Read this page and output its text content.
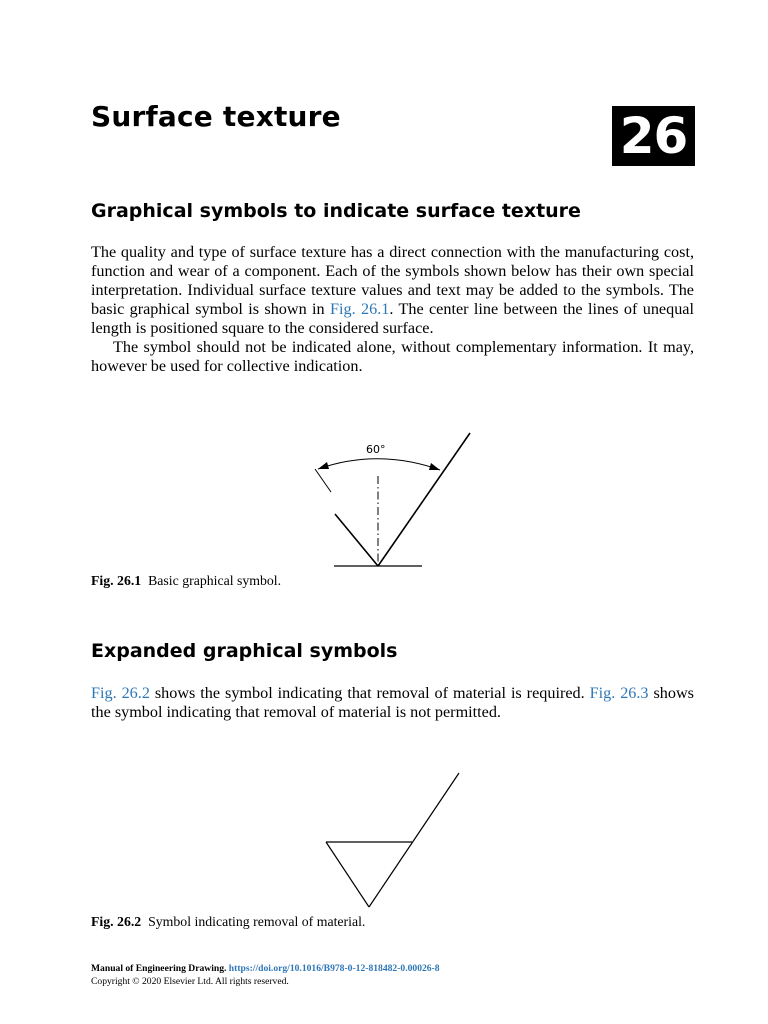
Surface texture	26
Graphical symbols to indicate surface texture

The quality and type of surface texture has a direct connection with the manufacturing cost, function and wear of a component. Each of the symbols shown below has their own special interpretation. Individual surface texture values and text may be added to the symbols. The basic graphical symbol is shown in Fig. 26.1. The center line between the lines of unequal length is positioned square to the considered surface.

The symbol should not be indicated alone, without complementary information. It may, however be used for collective indication.

60°
Fig. 26.1 Basic graphical symbol.
Expanded graphical symbols

Fig. 26.2 shows the symbol indicating that removal of material is required. Fig. 26.3 shows the symbol indicating that removal of material is not permitted.

Fig. 26.2 Symbol indicating removal of material.
Manual of Engineering Drawing. https://doi.org/10.1016/B978-0-12-818482-0.00026-8
Copyright © 2020 Elsevier Ltd. All rights reserved.
